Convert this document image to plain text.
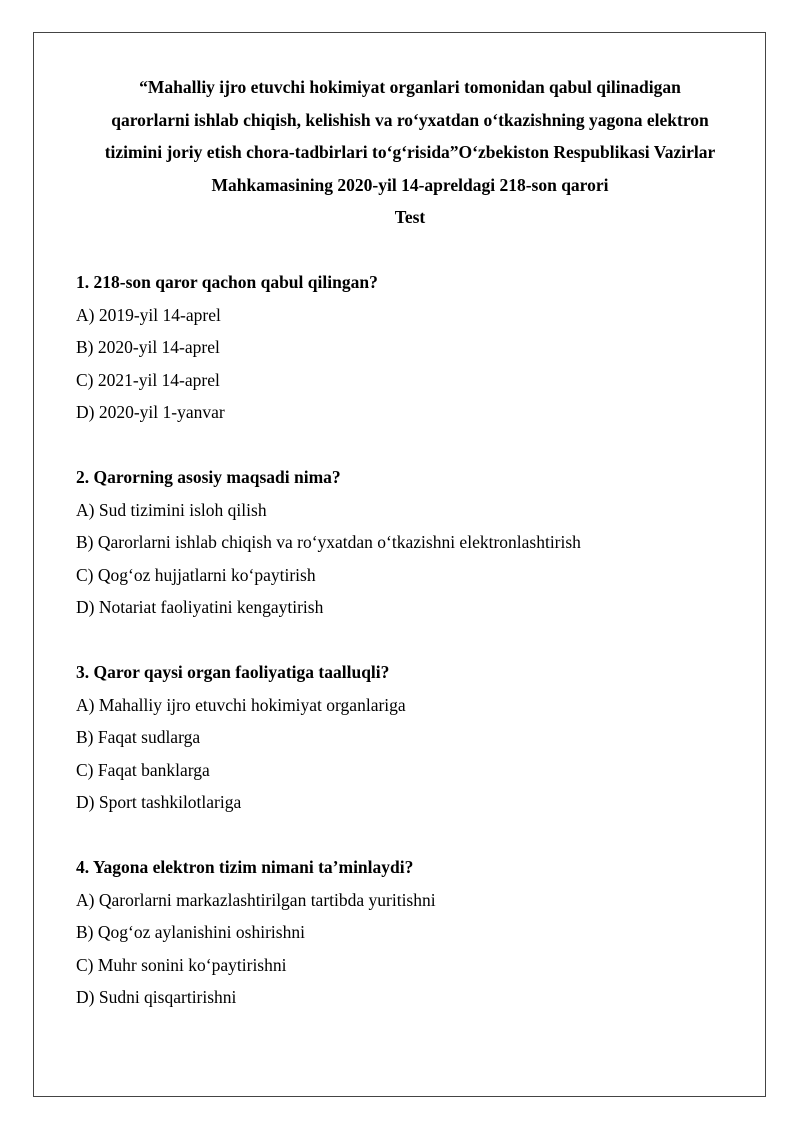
“Mahalliy ijro etuvchi hokimiyat organlari tomonidan qabul qilinadigan
qarorlarni ishlab chiqish, kelishish va ro‘yxatdan o‘tkazishning yagona elektron
tizimini joriy etish chora-tadbirlari to‘g‘risida”O‘zbekiston Respublikasi Vazirlar
Mahkamasining 2020-yil 14-apreldagi 218-son qarori
Test
1. 218-son qaror qachon qabul qilingan?
A) 2019-yil 14-aprel
B) 2020-yil 14-aprel
C) 2021-yil 14-aprel
D) 2020-yil 1-yanvar
2. Qarorning asosiy maqsadi nima?
A) Sud tizimini isloh qilish
B) Qarorlarni ishlab chiqish va ro‘yxatdan o‘tkazishni elektronlashtirish
C) Qog‘oz hujjatlarni ko‘paytirish
D) Notariat faoliyatini kengaytirish
3. Qaror qaysi organ faoliyatiga taalluqli?
A) Mahalliy ijro etuvchi hokimiyat organlariga
B) Faqat sudlarga
C) Faqat banklarga
D) Sport tashkilotlariga
4. Yagona elektron tizim nimani ta’minlaydi?
A) Qarorlarni markazlashtirilgan tartibda yuritishni
B) Qog‘oz aylanishini oshirishni
C) Muhr sonini ko‘paytirishni
D) Sudni qisqartirishni
